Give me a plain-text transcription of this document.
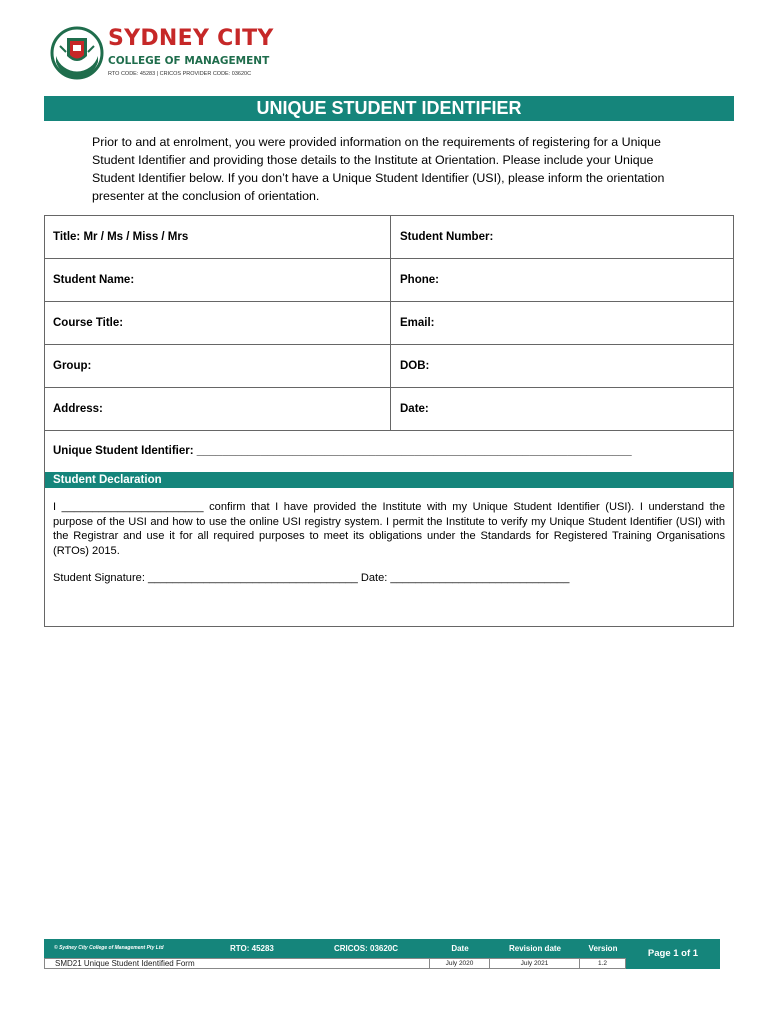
SYDNEY CITY
COLLEGE OF MANAGEMENT
RTO CODE: 45283 | CRICOS PROVIDER CODE: 03620C
UNIQUE STUDENT IDENTIFIER
Prior to and at enrolment, you were provided information on the requirements of registering for a Unique Student Identifier and providing those details to the Institute at Orientation. Please include your Unique Student Identifier below. If you don’t have a Unique Student Identifier (USI), please inform the orientation presenter at the conclusion of orientation.
Title: Mr / Ms / Miss / Mrs	Student Number:
Student Name:	Phone:
Course Title:	Email:
Group:	DOB:
Address:	Date:
Unique Student Identifier: ____________________________________________________________________
Student Declaration
I _______________________ confirm that I have provided the Institute with my Unique Student Identifier (USI). I understand the purpose of the USI and how to use the online USI registry system. I permit the Institute to verify my Unique Student Identifier (USI) with the Registrar and use it for all required purposes to meet its obligations under the Standards for Registered Training Organisations (RTOs) 2015.
Student Signature: __________________________________ Date: _____________________________
© Sydney City College of Management Pty Ltd	RTO: 45283	CRICOS: 03620C	Date	Revision date	Version	Page 1 of 1
SMD21 Unique Student Identified Form	July 2020	July 2021	1.2
